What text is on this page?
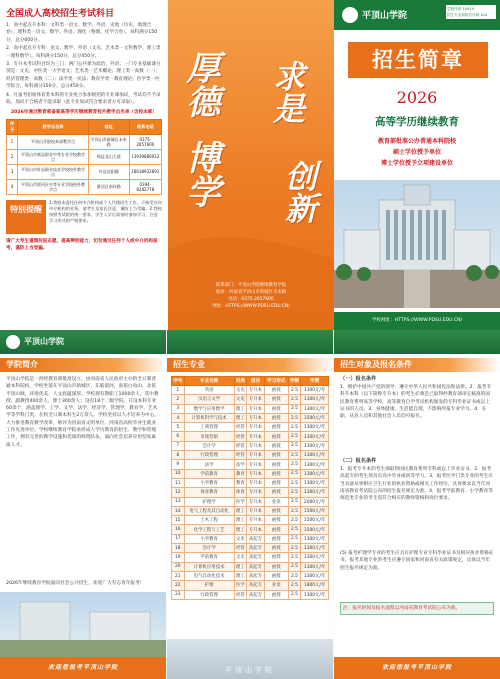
全国成人高校招生考试科目
1．高中起点升本科：文科类一语文、数学、外语、史地（历史、地理合卷）；理科类一语文、数学、外语、理化（物理、化学合卷）。每科满分150分，总分600分。
2．高中起点升专科：语文、数学、外语（文史、艺术类一文科数学，理工类一理科数学）。每科满分150分，总分450分。
3．专升本考试科目均为三门：两门公共课为政治、外语；一门专业基础课分别是：文史、中医类一大学语文；艺术类一艺术概论；理工类一高数（一）；经济管理类一高数（二）；法学类一民法；教育学类一教育理论；医学类一医学综合。每科满分150分，总分450分。
4．凡报考招收体育类本科的专业免合参加统招的专业课加试，考试均不予录取。加试不合格者不能录取（此专业加试符合要求者方可录取）。
2026年通过教育部备案高等学历继续教育校外教学点名单（含校本部）
序号	教学点名称	地址	联系电话
1	平顶山学院校本部教学点	平顶山市新城区未来路	0375-2657600
2	平顶山市郏县职业中等专业学校教学点	郏县龙山大道	13939886912
3	平顶山市叶县职业技术学校校外教学点	叶县昆阳镇	18638932891
4	平顶山市湛河区中等专业学校校外教学点	湛河区南环路	0394-8282778
特别提醒
1.我校未委托任何中介机构或个人代理招生工作，不接受任何中介机构的业务，请考生及家长注意，谨防上当受骗。2.我校按照考试院的统一要求，学生入学后需按时参加学习，注意学习形式的严格要求。
请广大考生谨慎投报志愿，提高辨别能力，切勿通过任何个人或中介机构报考，谨防上当受骗。
厚德
博学
求是
创新
联系部门：平顶山学院继续教育学院
地址：河南省平顶山市新城区未来路
电话：0375-2657600
网址：HTTPS://WWW.PDSU.EDU.CN/
平顶山学院
学校代码 10919
招生专业和批次代码 414
招生简章
2026
高等学历继续教育
教育部批准公办普通本科院校
硕士学位授予单位
博士学位授予立项建设单位
学校网址：HTTPS://WWW.PDSU.EDU.CN/
平顶山学院
学院简介
平顶山学院是一所经教育部批准设立、由河南省人民政府主办的全日制普通本科院校，学校坐落在平顶山市新城区，东临湛河，南依白龟山，北依平顶山脉，环境优美，人文底蕴深厚。学校现有教职工1000余人，其中教授、副教授400余人，博士300余人；设有18个二级学院，开设本科专业60余个，涵盖理学、工学、文学、法学、经济学、管理学、教育学、艺术学等学科门类，在校全日制本科生2万余人。学校坚持以人才培养为中心，大力推进教育教学改革，被评为河南省文明单位、河南省高校毕业生就业工作先进单位。学校继续教育学院承担成人学历教育的招生、教学和管理工作，拥有完善的教学设施和优质的师资队伍，面向社会培养应用型高素质人才。
2026年继续教育学院面向社会公开招生，欢迎广大有志青年报考！
欢迎您报考平顶山学院
招生专业
序号	专业名称	科类	层次	学习形式	学制	学费
1	英语	文史	专升本	函授	2.5	1300元/年
2	汉语言文学	文史	专升本	函授	2.5	1300元/年
3	数学与应用数学	理工	专升本	函授	2.5	1300元/年
4	计算机科学与技术	理工	专升本	函授	2.5	1500元/年
5	工商管理	经管	专升本	函授	2.5	1300元/年
6	市场营销	经管	专升本	函授	2.5	1300元/年
7	会计学	经管	专升本	函授	2.5	1300元/年
8	行政管理	经管	专升本	函授	2.5	1300元/年
9	法学	法学	专升本	函授	2.5	1300元/年
10	学前教育	教育	专升本	函授	2.5	1300元/年
11	小学教育	教育	专升本	函授	2.5	1300元/年
12	体育教育	体育	专升本	函授	2.5	1300元/年
13	护理学	医学	专升本	业余	2.5	2000元/年
14	电气工程及其自动化	理工	专升本	函授	2.5	1500元/年
15	土木工程	理工	专升本	函授	2.5	1500元/年
16	化学工程与工艺	理工	专升本	函授	2.5	1500元/年
17	小学教育	文史	高起专	函授	2.5	1300元/年
18	会计学	经管	高起专	函授	2.5	1300元/年
19	学前教育	文史	高起专	函授	2.5	1300元/年
20	计算机应用技术	理工	高起专	函授	2.5	1300元/年
21	电气自动化技术	理工	高起专	函授	2.5	1300元/年
22	护理	医学	高起专	业余	2.5	1800元/年
23	行政管理	经管	高起专	函授	2.5	1300元/年
平顶山学院
招生对象及报名条件
（一）报名条件
1．拥护中国共产党的领导，遵守中华人民共和国宪法和法律。2．报考专科升本科（以下简称专升本）的考生必须是已取得经教育部审定核准的国民教育系列高等学校、高等教育自学考试机构颁发的专科毕业证书或以上证书的人员。3．身体健康，生活能自理，不影响所报专业学习。4．在职、从业人员和其他社会人员均可报名。
（二）报名条件
1．报考专升本的考生须取得国民教育系列专科或以上毕业证书。2．报考高起专的考生须具有高中毕业或同等学力。3．报考医学门类专业的考生应当具备从事相应卫生行业的执业资格或相关工作经历，具体要求以当年河南省教育考试院公布的招生报名规定为准。4．报考学前教育、小学教育等师范类专业的考生需符合相应的教师资格和岗位要求。
(5) 报考护理学专业的考生应具有护理专业专科毕业证书及相应执业资格证书。报考其他专业的考生应遵守国家和河南省有关政策规定，具体以当年招生报名规定为准。
注：报名时间及报名流程以河南省教育考试院公布为准。
欢迎您报考平顶山学院
